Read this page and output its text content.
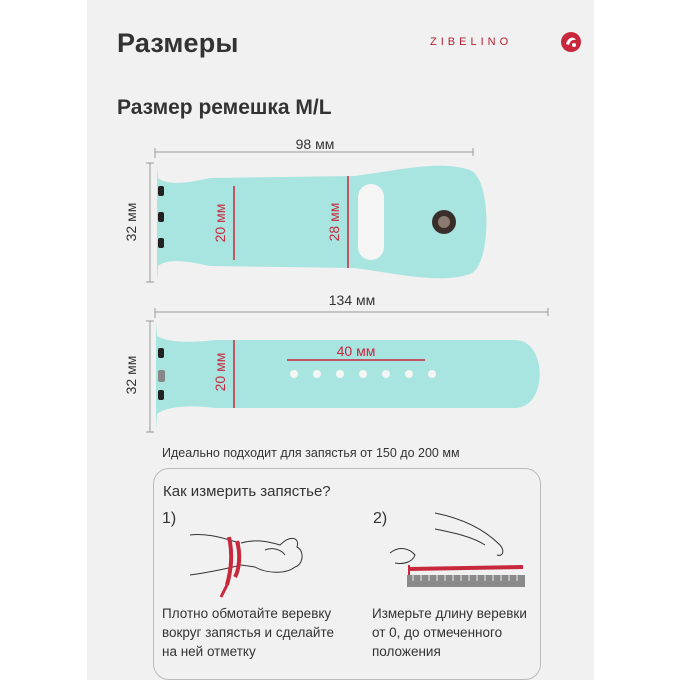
Размеры	ZIBELINO
Размер ремешка M/L
98 мм
32 мм	20 мм	28 мм
134 мм
32 мм	20 мм
40 мм
Идеально подходит для запястья от 150 до 200 мм
Как измерить запястье?
1)	2)
Плотно обмотайте веревку
вокруг запястья и сделайте
на ней отметку
Измерьте длину веревки
от 0, до отмеченного
положения
